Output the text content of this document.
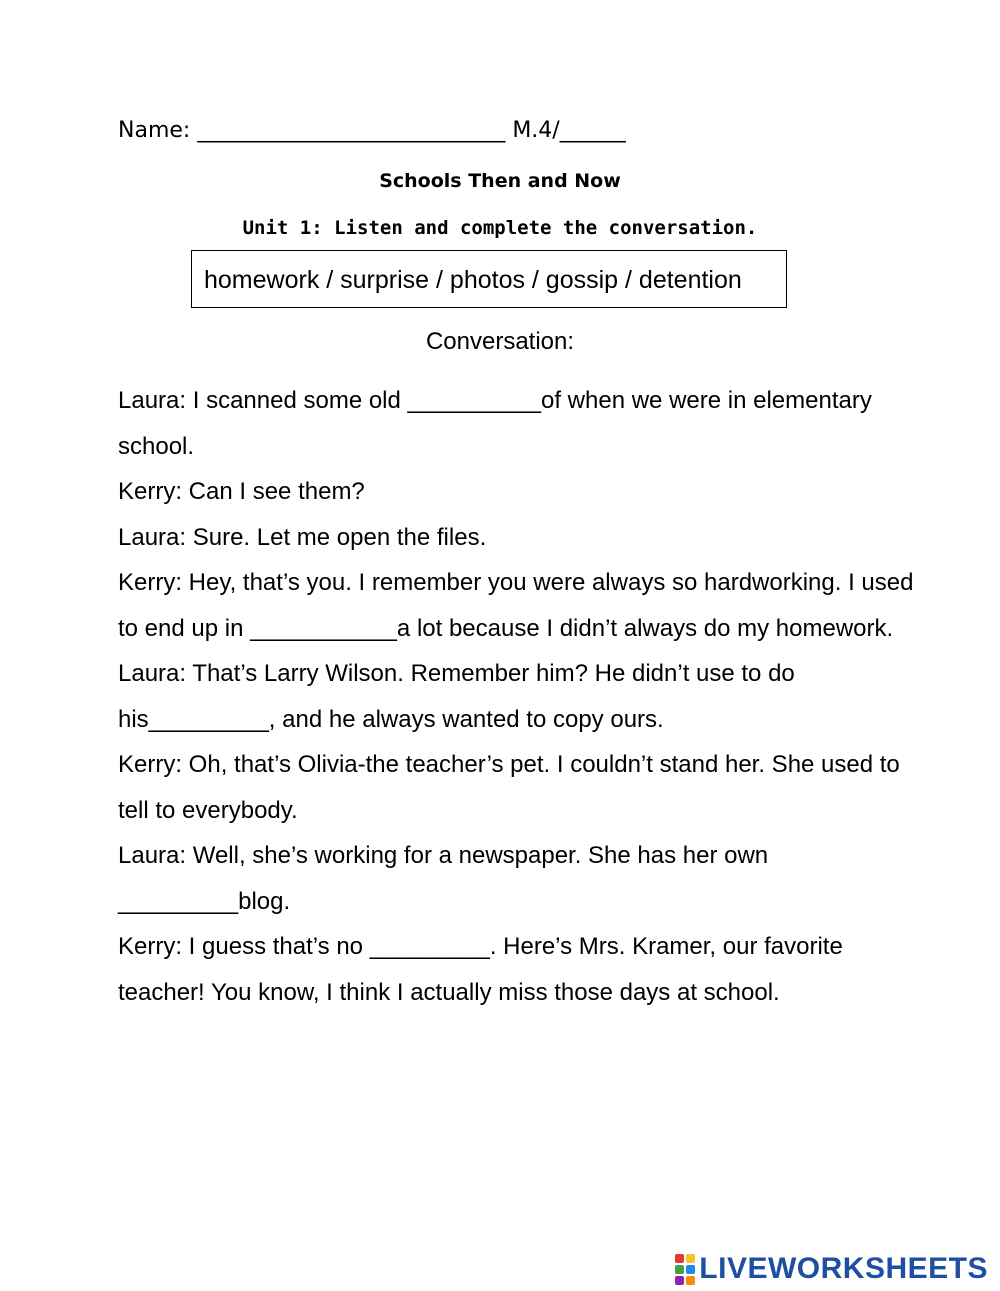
Name: ____________________________ M.4/______
Schools Then and Now
Unit 1: Listen and complete the conversation.
homework / surprise / photos / gossip / detention
Conversation:
Laura: I scanned some old __________of when we were in elementary school.
Kerry: Can I see them?
Laura: Sure. Let me open the files.
Kerry: Hey, that’s you. I remember you were always so hardworking. I used to end up in ___________a lot because I didn’t always do my homework.
Laura: That’s Larry Wilson. Remember him? He didn’t use to do his_________, and he always wanted to copy ours.
Kerry: Oh, that’s Olivia-the teacher’s pet. I couldn’t stand her. She used to tell to everybody.
Laura: Well, she’s working for a newspaper. She has her own _________blog.
Kerry: I guess that’s no _________. Here’s Mrs. Kramer, our favorite teacher! You know, I think I actually miss those days at school.
LIVEWORKSHEETS
